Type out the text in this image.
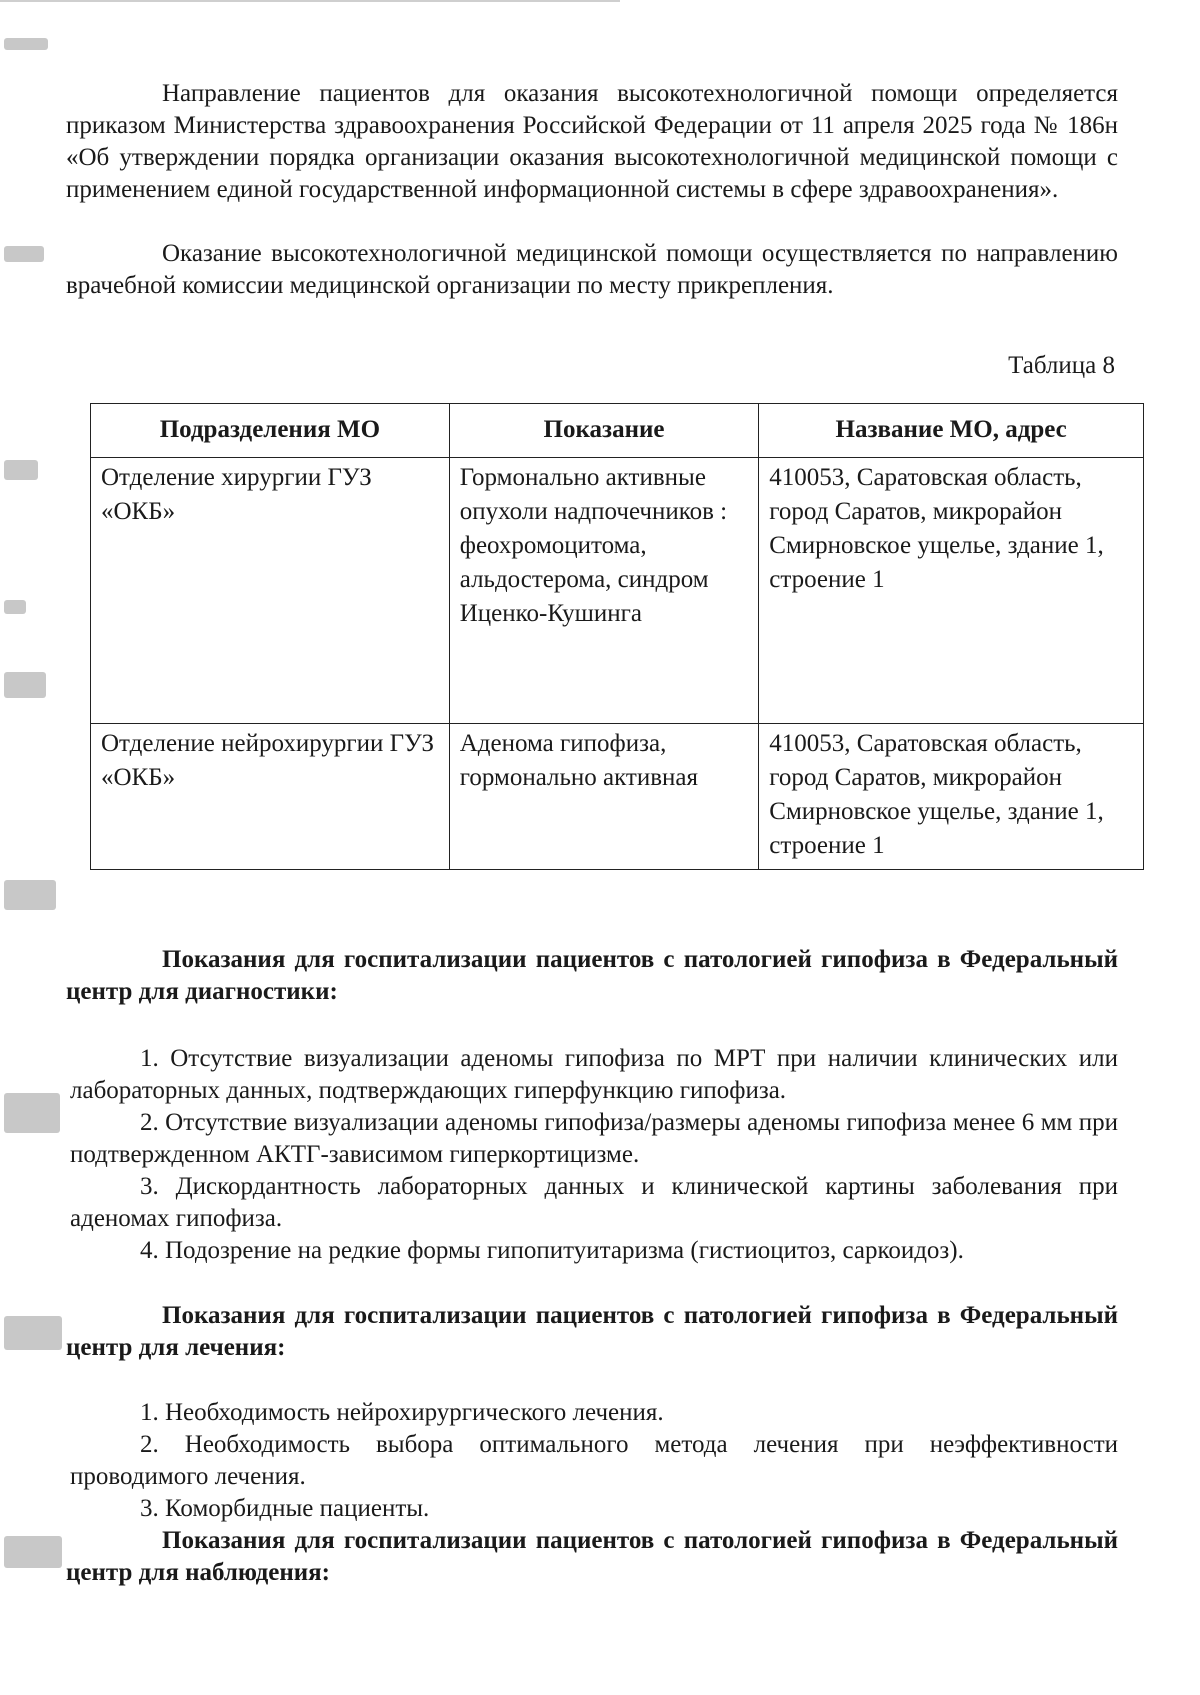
Направление пациентов для оказания высокотехнологичной помощи определяется приказом Министерства здравоохранения Российской Федерации от 11 апреля 2025 года № 186н «Об утверждении порядка организации оказания высокотехнологичной медицинской помощи с применением единой государственной информационной системы в сфере здравоохранения».

Оказание высокотехнологичной медицинской помощи осуществляется по направлению врачебной комиссии медицинской организации по месту прикрепления.

Таблица 8
Подразделения МО	Показание	Название МО, адрес
Отделение хирургии ГУЗ «ОКБ»	Гормонально активные опухоли надпочечников : феохромоцитома, альдостерома, синдром Иценко-Кушинга	410053, Саратовская область, город Саратов, микрорайон Смирновское ущелье, здание 1, строение 1
Отделение нейрохирургии ГУЗ «ОКБ»	Аденома гипофиза, гормонально активная	410053, Саратовская область, город Саратов, микрорайон Смирновское ущелье, здание 1, строение 1

Показания для госпитализации пациентов с патологией гипофиза в Федеральный центр для диагностики:

1. Отсутствие визуализации аденомы гипофиза по МРТ при наличии клинических или лабораторных данных, подтверждающих гиперфункцию гипофиза.

2. Отсутствие визуализации аденомы гипофиза/размеры аденомы гипофиза менее 6 мм при подтвержденном АКТГ-зависимом гиперкортицизме.

3. Дискордантность лабораторных данных и клинической картины заболевания при аденомах гипофиза.

4. Подозрение на редкие формы гипопитуитаризма (гистиоцитоз, саркоидоз).

Показания для госпитализации пациентов с патологией гипофиза в Федеральный центр для лечения:

1. Необходимость нейрохирургического лечения.

2. Необходимость выбора оптимального метода лечения при неэффективности проводимого лечения.

3. Коморбидные пациенты.

Показания для госпитализации пациентов с патологией гипофиза в Федеральный центр для наблюдения:
